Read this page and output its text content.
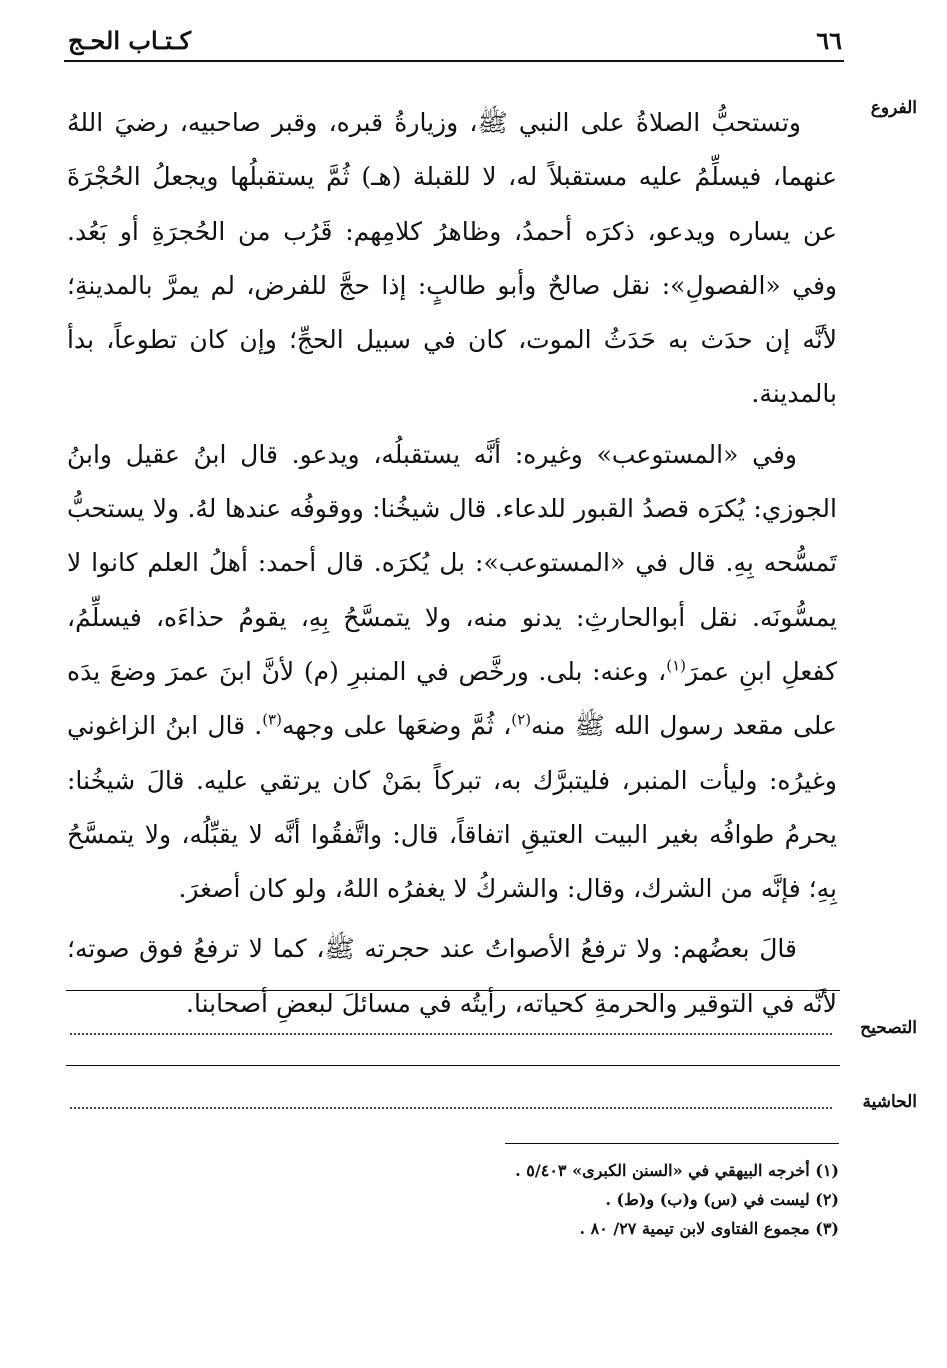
٦٦
كـتـاب الحـج
الفروع

وتستحبُّ الصلاةُ على النبي ﷺ، وزيارةُ قبره، وقبر صاحبيه، رضيَ اللهُ عنهما، فيسلِّمُ عليه مستقبلاً له، لا للقبلة (هـ) ثُمَّ يستقبلُها ويجعلُ الحُجْرَةَ عن يساره ويدعو، ذكرَه أحمدُ، وظاهرُ كلامِهم: قَرُب من الحُجرَةِ أو بَعُد. وفي «الفصولِ»: نقل صالحٌ وأبو طالبٍ: إذا حجَّ للفرض، لم يمرَّ بالمدينةِ؛ لأنَّه إن حدَث به حَدَثُ الموت، كان في سبيل الحجِّ؛ وإن كان تطوعاً، بدأ بالمدينة.

وفي «المستوعب» وغيره: أنَّه يستقبلُه، ويدعو. قال ابنُ عقيل وابنُ الجوزي: يُكرَه قصدُ القبور للدعاء. قال شيخُنا: ووقوفُه عندها لهُ. ولا يستحبُّ تَمسُّحه بِهِ. قال في «المستوعب»: بل يُكرَه. قال أحمد: أهلُ العلم كانوا لا يمسُّونَه. نقل أبوالحارثِ: يدنو منه، ولا يتمسَّحُ بِهِ، يقومُ حذاءَه، فيسلِّمُ، كفعلِ ابنِ عمرَ$^{(١)}$، وعنه: بلى. ورخَّص في المنبرِ (م) لأنَّ ابنَ عمرَ وضعَ يدَه على مقعد رسول الله ﷺ منه$^{(٢)}$، ثُمَّ وضعَها على وجهه$^{(٣)}$. قال ابنُ الزاغوني وغيرُه: وليأت المنبر، فليتبرَّك به، تبركاً بمَنْ كان يرتقي عليه. قالَ شيخُنا: يحرمُ طوافُه بغير البيت العتيقِ اتفاقاً، قال: واتَّفقُوا أنَّه لا يقبِّلُه، ولا يتمسَّحُ بِهِ؛ فإنَّه من الشرك، وقال: والشركُ لا يغفرُه اللهُ، ولو كان أصغرَ.

قالَ بعضُهم: ولا ترفعُ الأصواتُ عند حجرته ﷺ، كما لا ترفعُ فوق صوته؛ لأنَّه في التوقير والحرمةِ كحياته، رأيتُه في مسائلَ لبعضِ أصحابنا.

التصحيح
الحاشية
(١) أخرجه البيهقي في «السنن الكبرى» ٥/٤٠٣ .
(٢) ليست في (س) و(ب) و(ط) .
(٣) مجموع الفتاوى لابن تيمية ٢٧/ ٨٠ .
